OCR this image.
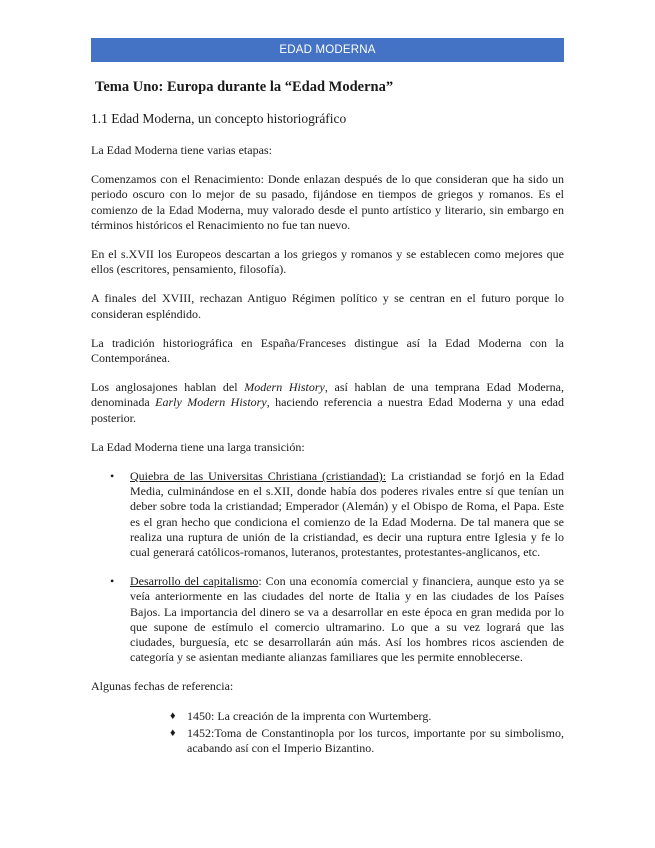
EDAD MODERNA
Tema Uno: Europa durante la “Edad Moderna”
1.1 Edad Moderna, un concepto historiográfico

La Edad Moderna tiene varias etapas:

Comenzamos con el Renacimiento: Donde enlazan después de lo que consideran que ha sido un periodo oscuro con lo mejor de su pasado, fijándose en tiempos de griegos y romanos. Es el comienzo de la Edad Moderna, muy valorado desde el punto artístico y literario, sin embargo en términos históricos el Renacimiento no fue tan nuevo.

En el s.XVII los Europeos descartan a los griegos y romanos y se establecen como mejores que ellos (escritores, pensamiento, filosofía).

A finales del XVIII, rechazan Antiguo Régimen político y se centran en el futuro porque lo consideran espléndido.

La tradición historiográfica en España/Franceses distingue así la Edad Moderna con la Contemporánea.

Los anglosajones hablan del Modern History, así hablan de una temprana Edad Moderna, denominada Early Modern History, haciendo referencia a nuestra Edad Moderna y una edad posterior.

La Edad Moderna tiene una larga transición:

• Quiebra de las Universitas Christiana (cristiandad): La cristiandad se forjó en la Edad Media, culminándose en el s.XII, donde había dos poderes rivales entre sí que tenían un deber sobre toda la cristiandad; Emperador (Alemán) y el Obispo de Roma, el Papa. Este es el gran hecho que condiciona el comienzo de la Edad Moderna. De tal manera que se realiza una ruptura de unión de la cristiandad, es decir una ruptura entre Iglesia y fe lo cual generará católicos-romanos, luteranos, protestantes, protestantes-anglicanos, etc.
• Desarrollo del capitalismo: Con una economía comercial y financiera, aunque esto ya se veía anteriormente en las ciudades del norte de Italia y en las ciudades de los Países Bajos. La importancia del dinero se va a desarrollar en este época en gran medida por lo que supone de estímulo el comercio ultramarino. Lo que a su vez logrará que las ciudades, burguesía, etc se desarrollarán aún más. Así los hombres ricos ascienden de categoría y se asientan mediante alianzas familiares que les permite ennoblecerse.

Algunas fechas de referencia:

♦ 1450: La creación de la imprenta con Wurtemberg.
♦ 1452:Toma de Constantinopla por los turcos, importante por su simbolismo, acabando así con el Imperio Bizantino.
